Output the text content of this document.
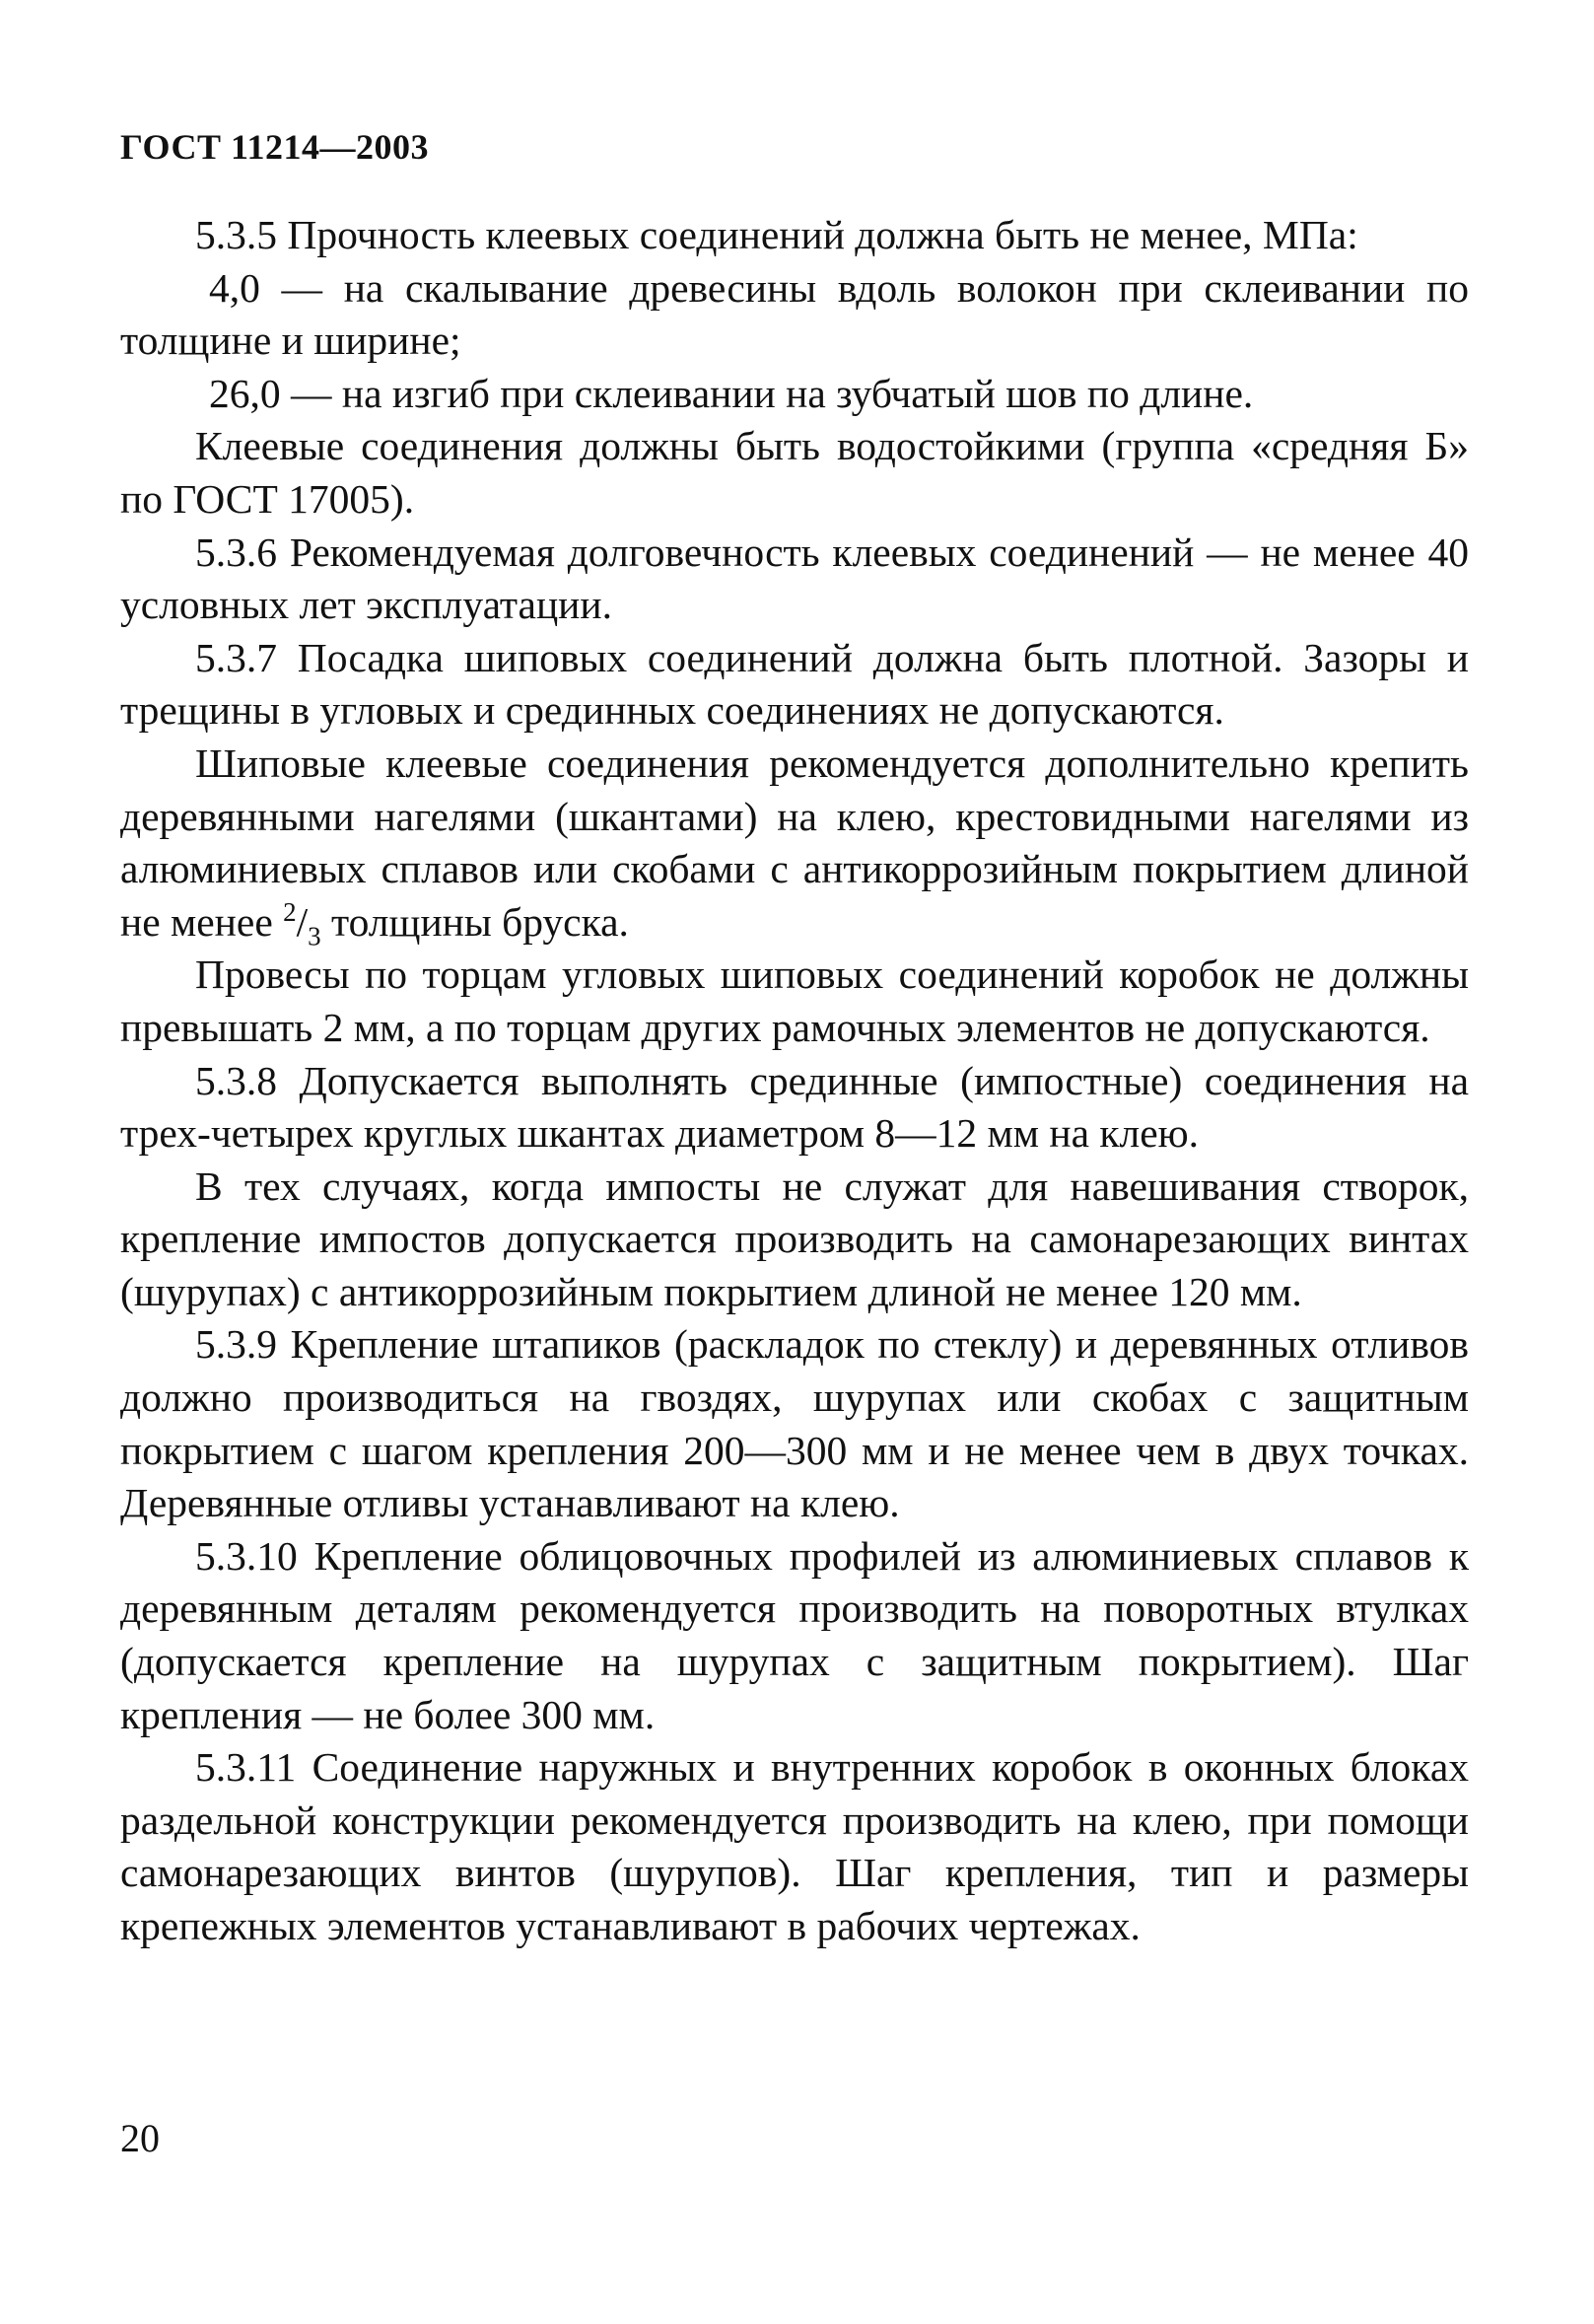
ГОСТ 11214—2003

5.3.5 Прочность клеевых соединений должна быть не менее, МПа:

4,0 — на скалывание древесины вдоль волокон при склеивании по толщине и ширине;

26,0 — на изгиб при склеивании на зубчатый шов по длине.

Клеевые соединения должны быть водостойкими (группа «средняя Б» по ГОСТ 17005).

5.3.6 Рекомендуемая долговечность клеевых соединений — не менее 40 условных лет эксплуатации.

5.3.7 Посадка шиповых соединений должна быть плотной. Зазоры и трещины в угловых и срединных соединениях не допускаются.

Шиповые клеевые соединения рекомендуется дополнительно крепить деревянными нагелями (шкантами) на клею, крестовидными нагелями из алюминиевых сплавов или скобами с антикоррозийным покрытием длиной не менее $^2/_3$ толщины бруска.

Провесы по торцам угловых шиповых соединений коробок не должны превышать 2 мм, а по торцам других рамочных элементов не допускаются.

5.3.8 Допускается выполнять срединные (импостные) соединения на трех-четырех круглых шкантах диаметром 8—12 мм на клею.

В тех случаях, когда импосты не служат для навешивания створок, крепление импостов допускается производить на самонарезающих винтах (шурупах) с антикоррозийным покрытием длиной не менее 120 мм.

5.3.9 Крепление штапиков (раскладок по стеклу) и деревянных отливов должно производиться на гвоздях, шурупах или скобах с защитным покрытием с шагом крепления 200—300 мм и не менее чем в двух точках. Деревянные отливы устанавливают на клею.

5.3.10 Крепление облицовочных профилей из алюминиевых сплавов к деревянным деталям рекомендуется производить на поворотных втулках (допускается крепление на шурупах с защитным покрытием). Шаг крепления — не более 300 мм.

5.3.11 Соединение наружных и внутренних коробок в оконных блоках раздельной конструкции рекомендуется производить на клею, при помощи самонарезающих винтов (шурупов). Шаг крепления, тип и размеры крепежных элементов устанавливают в рабочих чертежах.

20
